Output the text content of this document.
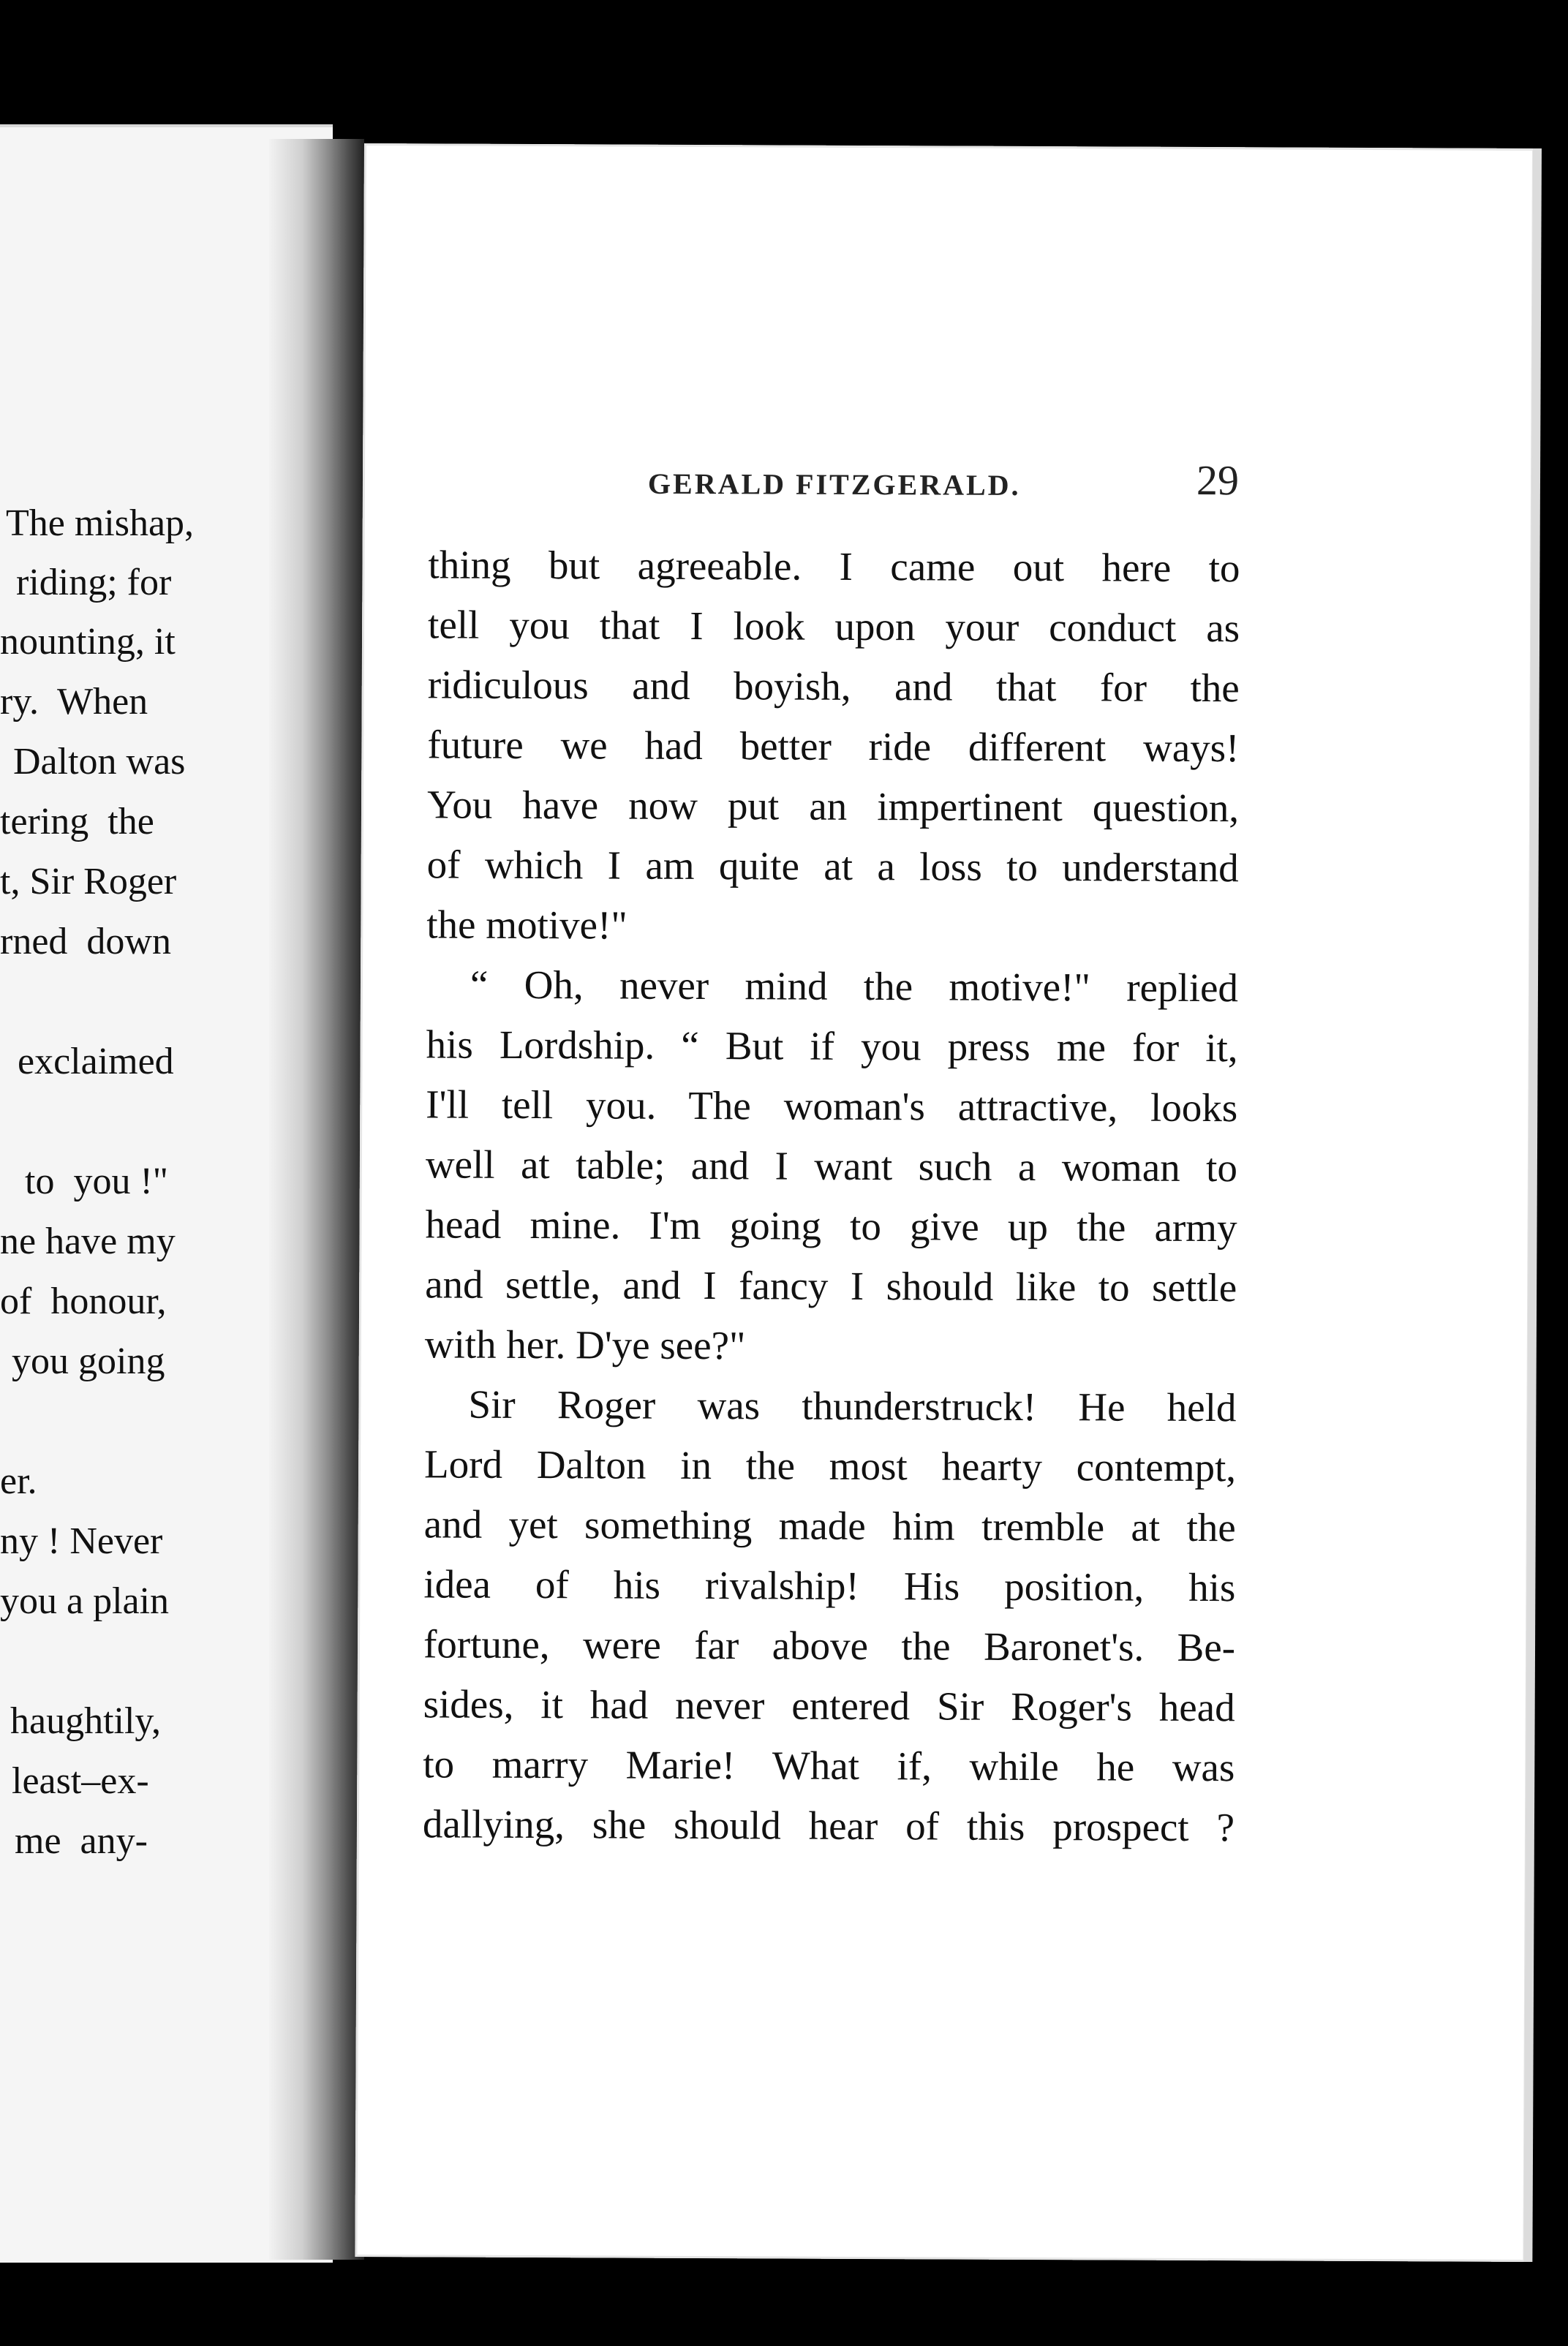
The mishap,
riding; for
nounting, it
ry.  When
Dalton was
tering  the
t, Sir Roger
rned  down
exclaimed
to  you !"
ne have my
of  honour,
you going
er.
ny ! Never
you a plain
haughtily,
least–ex-
me  any-
GERALD FITZGERALD.	29
thing but agreeable. I came out here to
tell you that I look upon your conduct as
ridiculous and boyish, and that for the
future we had better ride different ways!
You have now put an impertinent question,
of which I am quite at a loss to understand
the motive!"
“ Oh, never mind the motive!" replied
his Lordship. “ But if you press me for it,
I'll tell you. The woman's attractive, looks
well at table; and I want such a woman to
head mine. I'm going to give up the army
and settle, and I fancy I should like to settle
with her. D'ye see?"
Sir Roger was thunderstruck! He held
Lord Dalton in the most hearty contempt,
and yet something made him tremble at the
idea of his rivalship! His position, his
fortune, were far above the Baronet's. Be-
sides, it had never entered Sir Roger's head
to marry Marie! What if, while he was
dallying, she should hear of this prospect ?
